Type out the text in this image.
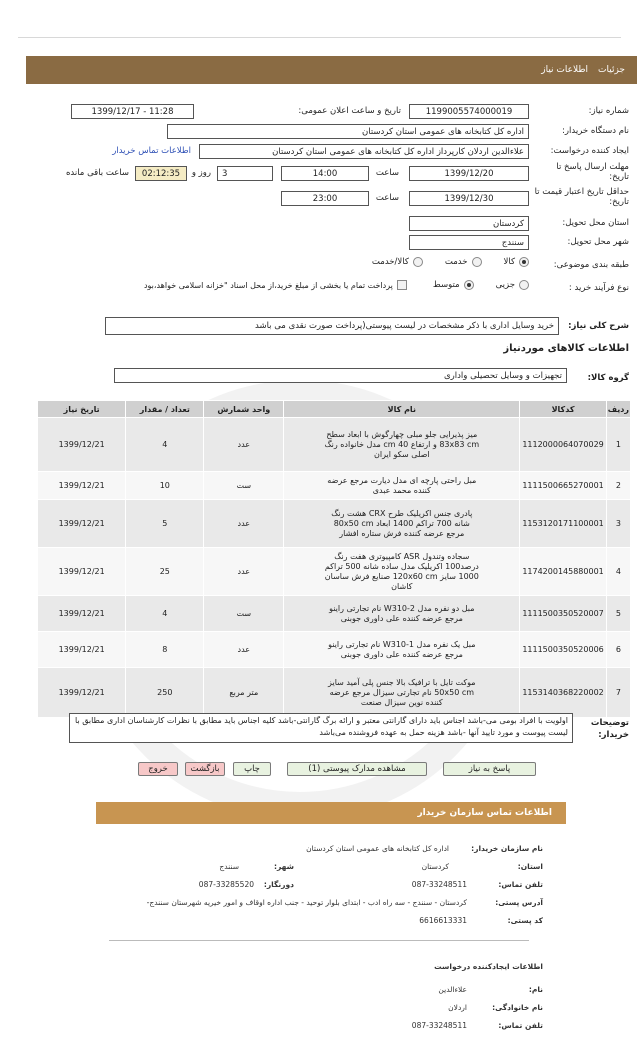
جزئیات
اطلاعات نیاز
شماره نیاز:
1199005574000019
تاریخ و ساعت اعلان عمومی:
1399/12/17 - 11:28
نام دستگاه خریدار:
اداره کل کتابخانه های عمومی استان کردستان
ایجاد کننده درخواست:
علاءالدین اردلان کارپرداز اداره کل کتابخانه های عمومی استان کردستان
اطلاعات تماس خریدار
مهلت ارسال پاسخ تا تاریخ:
1399/12/20
ساعت
14:00
3
روز و
02:12:35
ساعت باقی مانده
حداقل تاریخ اعتبار قیمت تا تاریخ:
1399/12/30
ساعت
23:00
استان محل تحویل:
کردستان
شهر محل تحویل:
سنندج
طبقه بندی موضوعی:
کالا
خدمت
کالا/خدمت
نوع فرآیند خرید :
جزیی
متوسط
پرداخت تمام یا بخشی از مبلغ خرید،از محل اسناد "خزانه اسلامی خواهد،بود
شرح کلی نیاز:
خرید وسایل اداری با ذکر مشخصات در لیست پیوستی(پرداخت صورت نقدی می باشد
اطلاعات کالاهای موردنیاز
گروه کالا:
تجهیزات و وسایل تحصیلی واداری
ردیف	کدکالا	نام کالا	واحد شمارش	تعداد / مقدار	تاریخ نیاز
1	1112000064070029	میز پذیرایی جلو مبلی چهارگوش با ابعاد سطح 83x83 cm و ارتفاع 40 cm مدل خانواده رنگ اصلی سکو ایران	عدد	4	1399/12/21
2	1111500665270001	مبل راحتی پارچه ای مدل دیارت مرجع عرضه کننده محمد عبدی	ست	10	1399/12/21
3	1153120171100001	پادری جنس اکریلیک طرح CRX هشت رنگ شانه 700 تراکم 1400 ابعاد 80x50 cm مرجع عرضه کننده فرش ستاره افشار	عدد	5	1399/12/21
4	1174200145880001	سجاده وتندول ASR کامپیوتری هفت رنگ درصد100 اکریلیک مدل ساده شانه 500 تراکم 1000 سایز 120x60 cm صنایع فرش ساسان کاشان	عدد	25	1399/12/21
5	1111500350520007	مبل دو نفره مدل W310-2 نام تجارتی راینو مرجع عرضه کننده علی داوری جوبنی	ست	4	1399/12/21
6	1111500350520006	مبل یک نفره مدل W310-1 نام تجارتی راینو مرجع عرضه کننده علی داوری جوبنی	عدد	8	1399/12/21
7	1153140368220002	موکت تایل با ترافیک بالا جنس پلی آمید سایز 50x50 cm نام تجارتی سیزال مرجع عرضه کننده نوین سیزال صنعت	متر مربع	250	1399/12/21
توضیحات خریدار:
اولویت با افراد بومی می-باشد اجناس باید دارای گارانتی معتبر و ارائه برگ گارانتی-باشد کلیه اجناس باید مطابق با نظرات کارشناسان اداری مطابق با لیست پیوست و مورد تایید آنها -باشد هزینه حمل به عهده فروشنده می‌باشد
پاسخ به نیاز
مشاهده مدارک پیوستی (1)
چاپ
بازگشت
خروج
اطلاعات تماس سازمان خریدار
نام سازمان خریدار:
اداره کل کتابخانه های عمومی استان کردستان
استان:
کردستان
شهر:
سنندج
تلفن تماس:
087-33248511
دورنگار:
087-33285520
آدرس پستی:
کردستان - سنندج - سه راه ادب - ابتدای بلوار توحید - جنب اداره اوقاف و امور خیریه شهرستان سنندج-
کد پستی:
6616613331
اطلاعات ایجادکننده درخواست
نام:
علاءالدین
نام خانوادگی:
اردلان
تلفن تماس:
087-33248511
